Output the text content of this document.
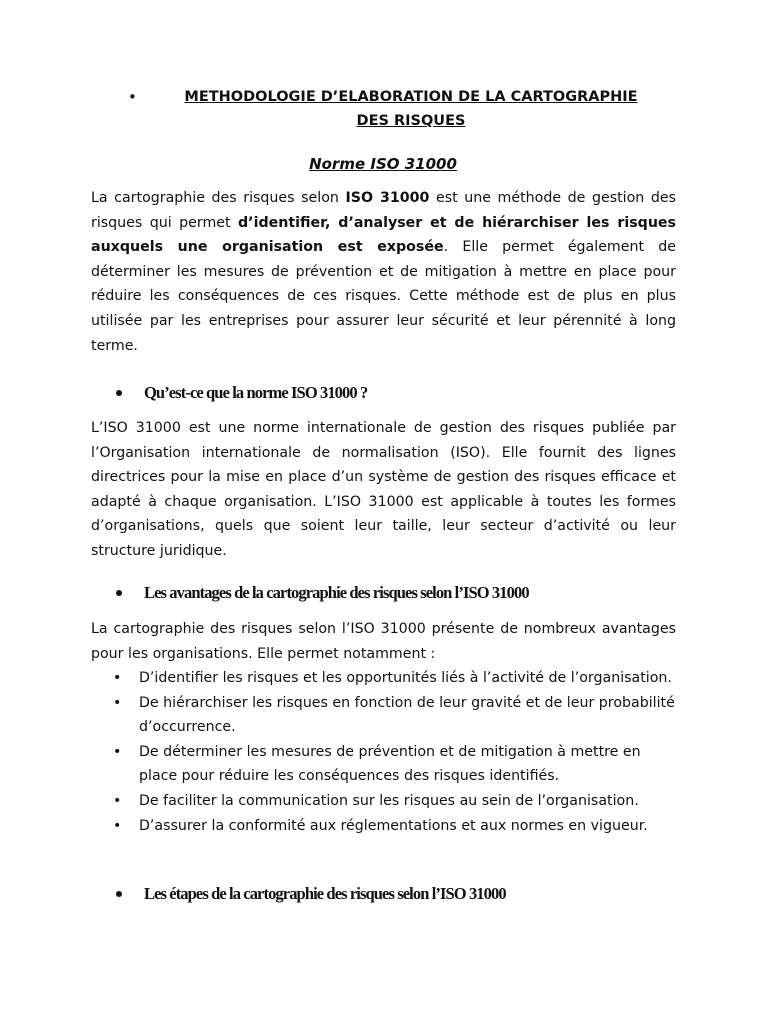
•	METHODOLOGIE D’ELABORATION DE LA CARTOGRAPHIE
DES RISQUES
Norme ISO 31000

La cartographie des risques selon ISO 31000 est une méthode de gestion des risques qui permet d’identifier, d’analyser et de hiérarchiser les risques auxquels une organisation est exposée. Elle permet également de déterminer les mesures de prévention et de mitigation à mettre en place pour réduire les conséquences de ces risques. Cette méthode est de plus en plus utilisée par les entreprises pour assurer leur sécurité et leur pérennité à long terme.

Qu’est-ce que la norme ISO 31000 ?

L’ISO 31000 est une norme internationale de gestion des risques publiée par l’Organisation internationale de normalisation (ISO). Elle fournit des lignes directrices pour la mise en place d’un système de gestion des risques efficace et adapté à chaque organisation. L’ISO 31000 est applicable à toutes les formes d’organisations, quels que soient leur taille, leur secteur d’activité ou leur structure juridique.

Les avantages de la cartographie des risques selon l’ISO 31000

La cartographie des risques selon l’ISO 31000 présente de nombreux avantages pour les organisations. Elle permet notamment :

• D’identifier les risques et les opportunités liés à l’activité de l’organisation.
• De hiérarchiser les risques en fonction de leur gravité et de leur probabilité d’occurrence.
• De déterminer les mesures de prévention et de mitigation à mettre en place pour réduire les conséquences des risques identifiés.
• De faciliter la communication sur les risques au sein de l’organisation.
• D’assurer la conformité aux réglementations et aux normes en vigueur.
Les étapes de la cartographie des risques selon l’ISO 31000
